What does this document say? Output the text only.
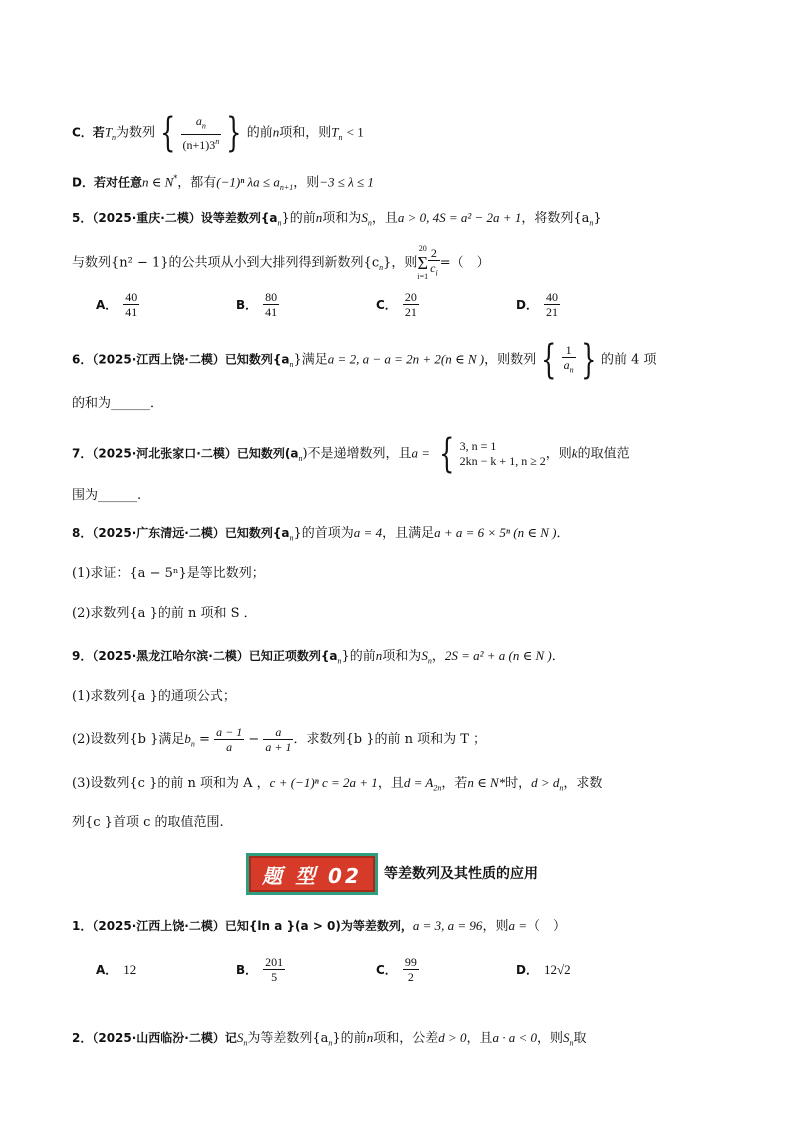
C．若$T_n$为数列 { $\frac{a_n}{(n+1)3^n}$ } 的前n项和，则$T_n < 1$
D．若对任意n ∈ N*，都有(−1)ⁿ $\lambda a \le a_{n+1}$，则−3 ≤ λ ≤ 1
5．（2025·重庆·二模）设等差数列$\{a_n\}$的前n项和为$S_n$，且a > 0, 4S = a² − 2a + 1，将数列$\{a_n\}$
与数列{n² − 1}的公共项从小到大排列得到新数列$\{c_n\}$，则
20
Σ
$i=1 \frac{2}{c_i}$ =（　）
A． $\frac{40}{41}$	B． $\frac{80}{41}$	C． $\frac{20}{21}$	D． $\frac{40}{21}$
6．（2025·江西上饶·二模）已知数列$\{a_n\}$满足a = 2, a − a = 2n + 2(n ∈ N )，则数列 { $\frac{1}{a_n}$ } 的前 4 项
的和为______．
7．（2025·河北张家口·二模）已知数列$(a_n)$不是递增数列，且a = { 3, n = 1
2kn − k + 1, n ≥ 2 ，则k的取值范
围为______.
8．（2025·广东清远·二模）已知数列$\{a_n\}$的首项为a = 4，且满足a + a = 6 × 5ⁿ (n ∈ N )．
(1)求证：{a − 5ⁿ}是等比数列；
(2)求数列{a }的前 n 项和 S ．
9．（2025·黑龙江哈尔滨·二模）已知正项数列$\{a_n\}$的前n项和为$S_n$，2S = a² + a (n ∈ N )．
(1)求数列{a }的通项公式；
(2)设数列{b }满足$b_n = \frac{a - 1}{a} - \frac{a}{a + 1}$ ．求数列{b }的前 n 项和为 T ；
(3)设数列{c }的前 n 项和为 A ，c + (−1)ⁿ c = 2a + 1，且$d = A_{2n}$，若n ∈ N*时，$d > d_n$，求数
列{c }首项 c 的取值范围.
题 型 02	等差数列及其性质的应用
1．（2025·江西上饶·二模）已知{ln a }(a > 0)为等差数列，a = 3, a = 96，则a =（　）
A． 12	B． $\frac{201}{5}$	C． $\frac{99}{2}$	D． 12√2
2．（2025·山西临汾·二模）记$S_n$为等差数列$\{a_n\}$的前n项和，公差d > 0，且a · a < 0，则$S_n$取
